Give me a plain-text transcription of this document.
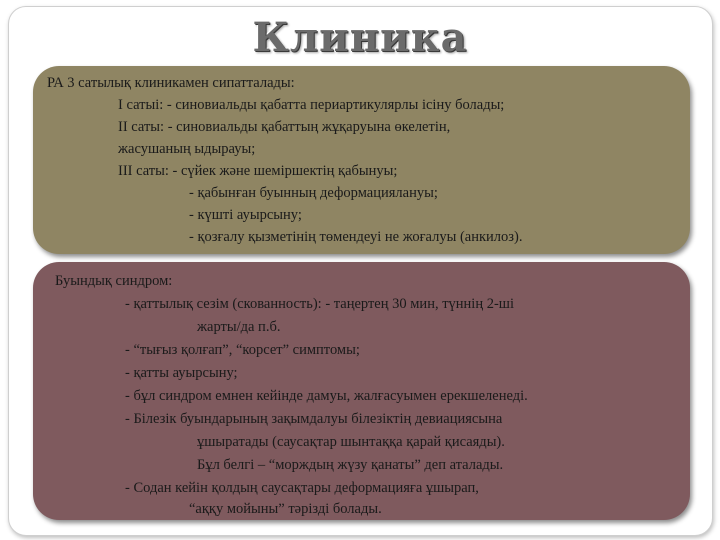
Клиника
РА 3 сатылық клиникамен сипатталады:
І сатыі: - синовиальды қабатта периартикулярлы ісіну болады;
ІІ саты: - синовиальды қабаттың жұқаруына өкелетін,
жасушаның ыдырауы;
ІІІ саты: - сүйек және шеміршектің қабынуы;
- қабынған буынның деформациялануы;
- күшті ауырсыну;
- қозғалу қызметінің төмендеуі не жоғалуы (анкилоз).
Буындық синдром:
- қаттылық сезім (скованность): - таңертең 30 мин, түннің 2-ші
жарты/да п.б.
- “тығыз қолғап”, “корсет” симптомы;
- қатты ауырсыну;
- бұл синдром емнен кейінде дамуы, жалғасуымен ерекшеленеді.
- Білезік буындарының зақымдалуы білезіктің девиациясына
ұшыратады (саусақтар шынтаққа қарай қисаяды).
Бұл белгі – “морждың жүзу қанаты” деп аталады.
- Содан кейін қолдың саусақтары деформацияға ұшырап,
“аққу мойыны” тәрізді болады.
